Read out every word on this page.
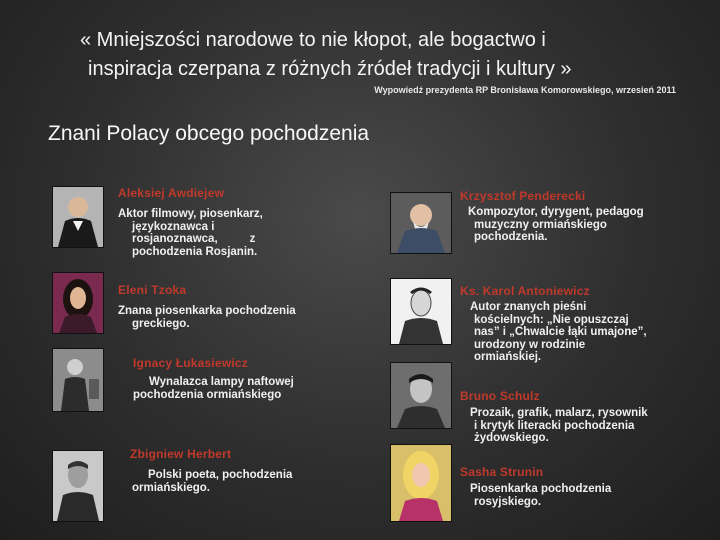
« Mniejszości narodowe to nie kłopot, ale bogactwo i
inspiracja czerpana z różnych źródeł tradycji i kultury »
Wypowiedź prezydenta RP Bronisława Komorowskiego, wrzesień 2011
Znani Polacy obcego pochodzenia
Aleksiej Awdiejew
Aktor filmowy, piosenkarz,
językoznawca i
rosjanoznawca,          z
pochodzenia Rosjanin.
Eleni Tzoka
Znana piosenkarka pochodzenia
greckiego.
Ignacy Łukasiewicz
Wynalazca lampy naftowej
pochodzenia ormiańskiego
Zbigniew Herbert
Polski poeta, pochodzenia
ormiańskiego.
Krzysztof Penderecki
Kompozytor, dyrygent, pedagog
muzyczny ormiańskiego
pochodzenia.
Ks. Karol Antoniewicz
Autor znanych pieśni
kościelnych: „Nie opuszczaj
nas” i „Chwalcie łąki umajone”,
urodzony w rodzinie
ormiańskiej.
Bruno Schulz
Prozaik, grafik, malarz, rysownik
i krytyk literacki pochodzenia
żydowskiego.
Sasha Strunin
Piosenkarka pochodzenia
rosyjskiego.
